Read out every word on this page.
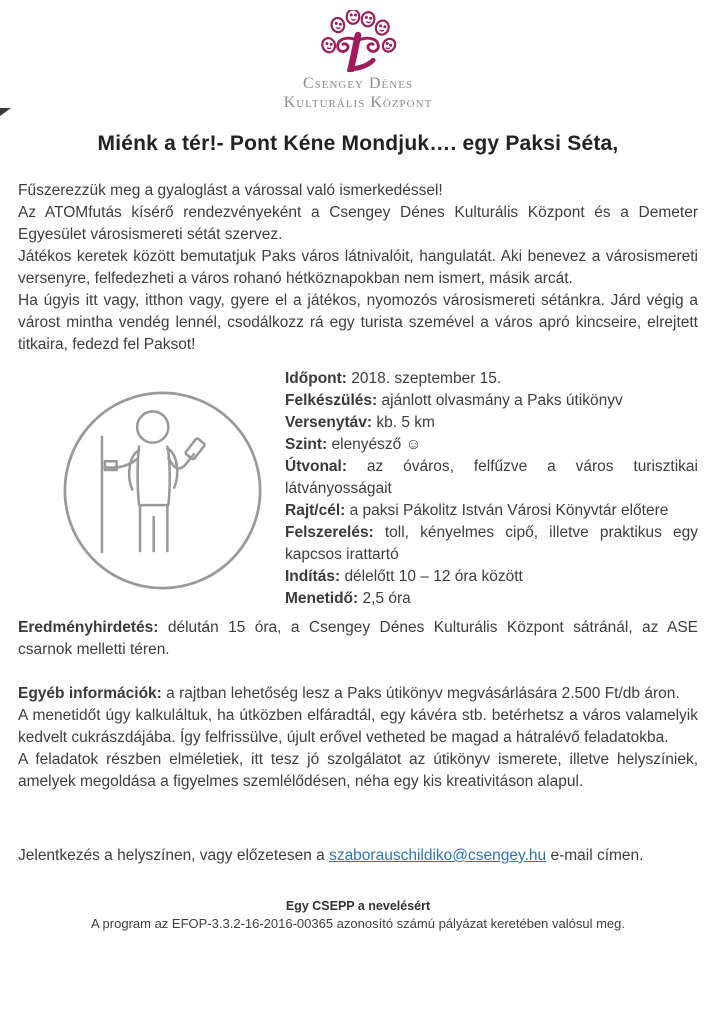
Csengey Dénes
Kulturális Központ
Miénk a tér!- Pont Kéne Mondjuk…. egy Paksi Séta,

Fűszerezzük meg a gyaloglást a várossal való ismerkedéssel!

Az ATOMfutás kísérő rendezvényeként a Csengey Dénes Kulturális Központ és a Demeter Egyesület városismereti sétát szervez.

Játékos keretek között bemutatjuk Paks város látnivalóit, hangulatát. Aki benevez a városismereti versenyre, felfedezheti a város rohanó hétköznapokban nem ismert, másik arcát.

Ha úgyis itt vagy, itthon vagy, gyere el a játékos, nyomozós városismereti sétánkra. Járd végig a várost mintha vendég lennél, csodálkozz rá egy turista szemével a város apró kincseire, elrejtett titkaira, fedezd fel Paksot!

Időpont: 2018. szeptember 15.
Felkészülés: ajánlott olvasmány a Paks útikönyv
Versenytáv: kb. 5 km
Szint: elenyésző ☺
Útvonal: az óváros, felfűzve a város turisztikai látványosságait
Rajt/cél: a paksi Pákolitz István Városi Könyvtár előtere
Felszerelés: toll, kényelmes cipő, illetve praktikus egy kapcsos irattartó
Indítás: délelőtt 10 – 12 óra között
Menetidő: 2,5 óra

Eredményhirdetés: délután 15 óra, a Csengey Dénes Kulturális Központ sátránál, az ASE csarnok melletti téren.

Egyéb információk: a rajtban lehetőség lesz a Paks útikönyv megvásárlására 2.500 Ft/db áron.

A menetidőt úgy kalkuláltuk, ha útközben elfáradtál, egy kávéra stb. betérhetsz a város valamelyik kedvelt cukrászdájába. Így felfrissülve, újult erővel vetheted be magad a hátralévő feladatokba.

A feladatok részben elméletiek, itt tesz jó szolgálatot az útikönyv ismerete, illetve helyszíniek, amelyek megoldása a figyelmes szemlélődésen, néha egy kis kreativitáson alapul.

Jelentkezés a helyszínen, vagy előzetesen a szaborauschildiko@csengey.hu e-mail címen.

Egy CSEPP a nevelésért
A program az EFOP-3.3.2-16-2016-00365 azonosító számú pályázat keretében valósul meg.
